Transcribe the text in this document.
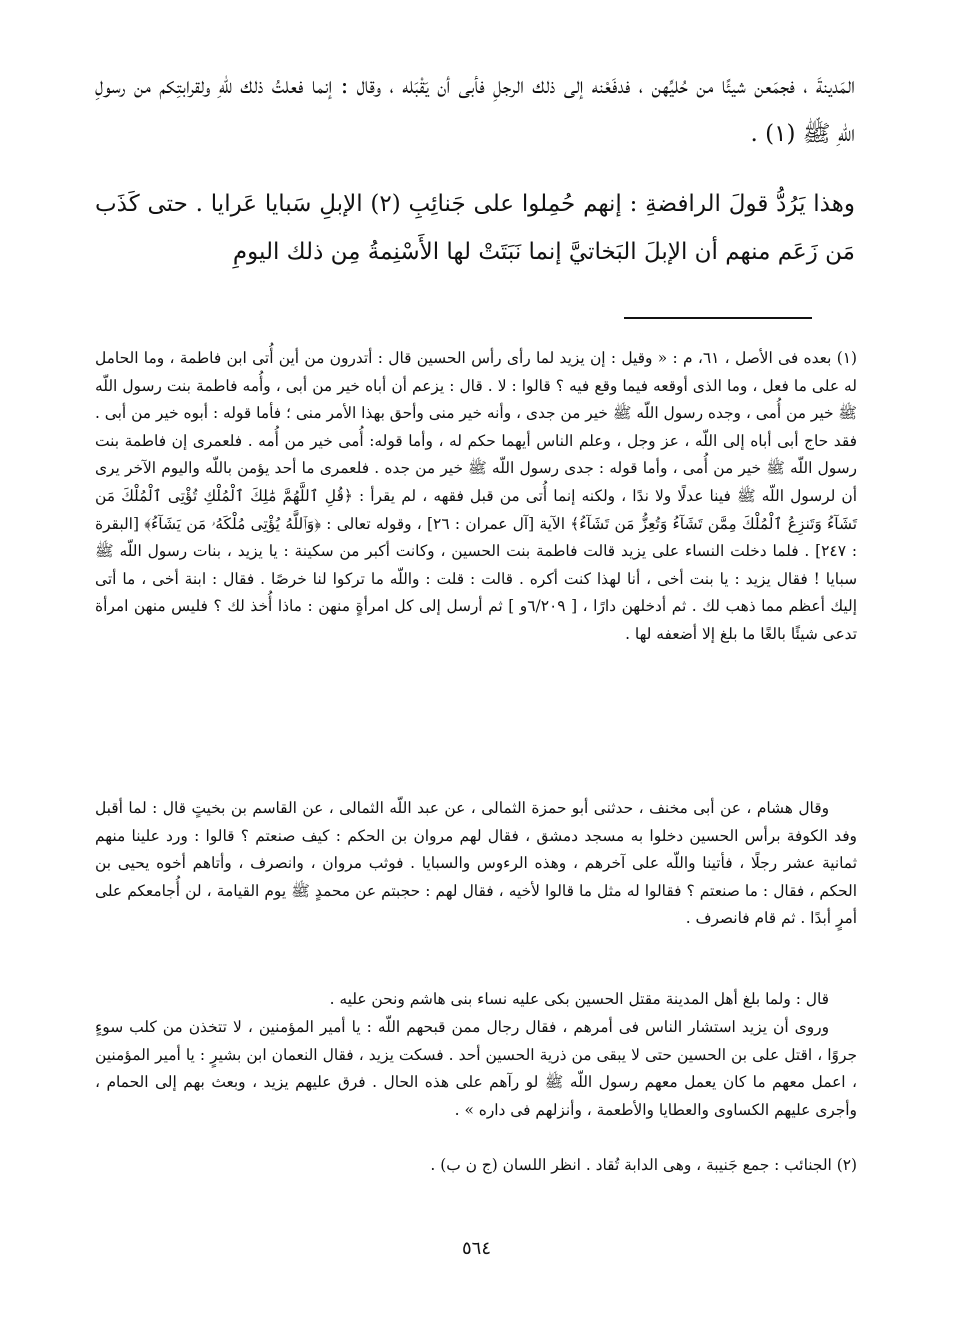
المَدينةَ ، فجمَعن شيئًا من حُليِّهن ، فدفَعْنه إلى ذلك الرجلِ فأبى أن يَقْبَله ، وقال : إنما فعلتُ ذلك للّهِ ولقرابتِكم من رسولِ اللّهِ ﷺ (١) .

وهذا يَرُدُّ قولَ الرافضةِ : إنهم حُمِلوا على جَنائِبِ (٢) الإبلِ سَبايا عَرايا . حتى كَذَب مَن زَعَم منهم أن الإبلَ البَخاتيَّ إنما نَبَتَتْ لها الأَسْنِمةُ مِن ذلك اليومِ

(١) بعده فى الأصل ، ٦١، م : « وقيل : إن يزيد لما رأى رأس الحسين قال : أتدرون من أين أُتى ابن فاطمة ، وما الحامل له على ما فعل ، وما الذى أوقعه فيما وقع فيه ؟ قالوا : لا . قال : يزعم أن أباه خير من أبى ، وأُمه فاطمة بنت رسول اللّه ﷺ خير من أُمى ، وجده رسول اللّه ﷺ خير من جدى ، وأنه خير منى وأحق بهذا الأمر منى ؛ فأما قوله : أبوه خير من أبى . فقد حاج أبى أباه إلى اللّه ، عز وجل ، وعلم الناس أيهما حكم له ، وأما قوله: أُمى خير من أُمه . فلعمرى إن فاطمة بنت رسول اللّه ﷺ خير من أُمى ، وأما قوله : جدى رسول اللّه ﷺ خير من جده . فلعمرى ما أحد يؤمن باللّه واليوم الآخر يرى أن لرسول اللّه ﷺ فينا عدلًا ولا ندًا ، ولكنه إنما أُتى من قبل فقهه ، لم يقرأ : ﴿قُلِ ٱللَّهُمَّ مَٰلِكَ ٱلْمُلْكِ تُؤْتِى ٱلْمُلْكَ مَن تَشَآءُ وَتَنزِعُ ٱلْمُلْكَ مِمَّن تَشَآءُ وَتُعِزُّ مَن تَشَآءُ﴾ الآية [آل عمران : ٢٦] ، وقوله تعالى : ﴿وَٱللَّهُ يُؤْتِى مُلْكَهُۥ مَن يَشَآءُ﴾ [البقرة : ٢٤٧] . فلما دخلت النساء على يزيد قالت فاطمة بنت الحسين ، وكانت أكبر من سكينة : يا يزيد ، بنات رسول اللّه ﷺ سبايا ! فقال يزيد : يا بنت أخى ، أنا لهذا كنت أكره . قالت : قلت : واللّه ما تركوا لنا خرصًا . فقال : ابنة أخى ، ما أتى إليك أعظم مما ذهب لك . ثم أدخلهن دارًا ، [ ٦/٢٠٩و ] ثم أرسل إلى كل امرأةٍ منهن : ماذا أُخذ لك ؟ فليس منهن امرأة تدعى شيئًا بالغًا ما بلغ إلا أضعفه لها .

وقال هشام ، عن أبى مخنف ، حدثنى أبو حمزة الثمالى ، عن عبد اللّه الثمالى ، عن القاسم بن بخيتٍ قال : لما أقبل وفد الكوفة برأس الحسين دخلوا به مسجد دمشق ، فقال لهم مروان بن الحكم : كيف صنعتم ؟ قالوا : ورد علينا منهم ثمانية عشر رجلًا ، فأتينا واللّه على آخرهم ، وهذه الرءوس والسبايا . فوثب مروان ، وانصرف ، وأتاهم أخوه يحيى بن الحكم ، فقال : ما صنعتم ؟ فقالوا له مثل ما قالوا لأخيه ، فقال لهم : حجبتم عن محمدٍ ﷺ يوم القيامة ، لن أُجامعكم على أمرٍ أبدًا . ثم قام فانصرف .

قال : ولما بلغ أهل المدينة مقتل الحسين بكى عليه نساء بنى هاشم ونحن عليه .

وروى أن يزيد استشار الناس فى أمرهم ، فقال رجال ممن قبحهم اللّه : يا أمير المؤمنين ، لا تتخذن من كلب سوءٍ جروًا ، اقتل على بن الحسين حتى لا يبقى من ذرية الحسين أحد . فسكت يزيد ، فقال النعمان ابن بشيرٍ : يا أمير المؤمنين ، اعمل معهم ما كان يعمل معهم رسول اللّه ﷺ لو رآهم على هذه الحال . فرق عليهم يزيد ، وبعث بهم إلى الحمام ، وأجرى عليهم الكساوى والعطايا والأطعمة ، وأنزلهم فى داره » .

(٢) الجنائب : جمع جَنيبة ، وهى الدابة تُقاد . انظر اللسان (ج ن ب) .

٥٦٤
